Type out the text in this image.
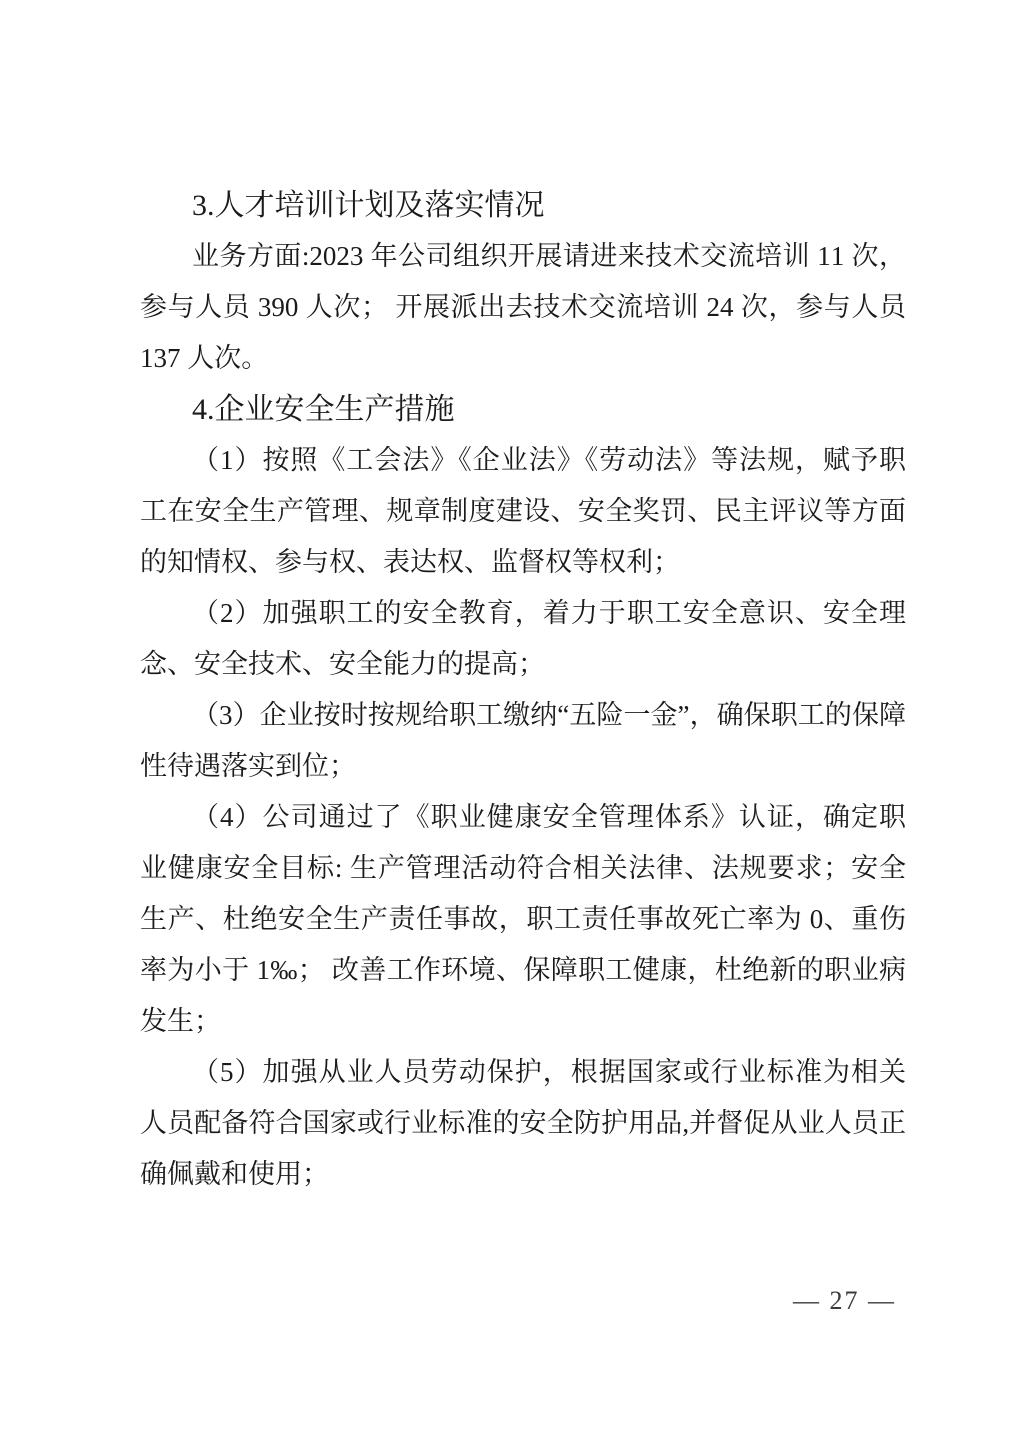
3.人才培训计划及落实情况

业务方面:2023 年公司组织开展请进来技术交流培训 11 次，参与人员 390 人次； 开展派出去技术交流培训 24 次，参与人员 137 人次。

4.企业安全生产措施

（1）按照《工会法》《企业法》《劳动法》等法规，赋予职工在安全生产管理、规章制度建设、安全奖罚、民主评议等方面的知情权、参与权、表达权、监督权等权利；

（2）加强职工的安全教育，着力于职工安全意识、安全理念、安全技术、安全能力的提高；

（3）企业按时按规给职工缴纳“五险一金”，确保职工的保障性待遇落实到位；

（4）公司通过了《职业健康安全管理体系》认证，确定职业健康安全目标: 生产管理活动符合相关法律、法规要求；安全生产、杜绝安全生产责任事故，职工责任事故死亡率为 0、重伤率为小于 1‰； 改善工作环境、保障职工健康，杜绝新的职业病发生；

（5）加强从业人员劳动保护，根据国家或行业标准为相关人员配备符合国家或行业标准的安全防护用品,并督促从业人员正确佩戴和使用；

— 27 —
